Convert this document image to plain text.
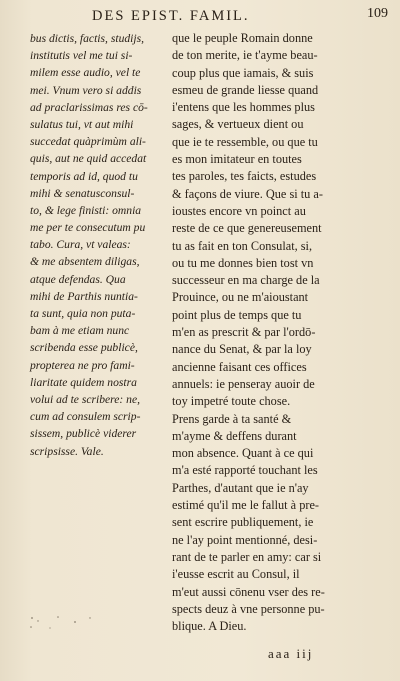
DES EPIST. FAMIL.	109
bus dictis, factis, studijs,
institutis vel me tui si-
milem esse audio, vel te
mei. Vnum vero si addis
ad praclarissimas res cō-
sulatus tui, vt aut mihi
succedat quàprimùm ali-
quis, aut ne quid accedat
temporis ad id, quod tu
mihi & senatusconsul-
to, & lege finisti: omnia
me per te consecutum pu
tabo. Cura, vt valeas:
& me absentem diligas,
atque defendas. Qua
mihi de Parthis nuntia-
ta sunt, quia non puta-
bam à me etiam nunc
scribenda esse publicè,
propterea ne pro fami-
liaritate quidem nostra
volui ad te scribere: ne,
cum ad consulem scrip-
sissem, publicè viderer
scripsisse. Vale.
que le peuple Romain donne
de ton merite, ie t'ayme beau-
coup plus que iamais, & suis
esmeu de grande liesse quand
i'entens que les hommes plus
sages, & vertueux dient ou
que ie te ressemble, ou que tu
es mon imitateur en toutes
tes paroles, tes faicts, estudes
& façons de viure. Que si tu a-
ioustes encore vn poinct au
reste de ce que genereusement
tu as fait en ton Consulat, si,
ou tu me donnes bien tost vn
successeur en ma charge de la
Prouince, ou ne m'aioustant
point plus de temps que tu
m'en as prescrit & par l'ordō-
nance du Senat, & par la loy
ancienne faisant ces offices
annuels: ie penseray auoir de
toy impetré toute chose.
Prens garde à ta santé &
m'ayme & deffens durant
mon absence. Quant à ce qui
m'a esté rapporté touchant les
Parthes, d'autant que ie n'ay
estimé qu'il me le fallut à pre-
sent escrire publiquement, ie
ne l'ay point mentionné, desi-
rant de te parler en amy: car si
i'eusse escrit au Consul, il
m'eut aussi cōnenu vser des re-
spects deuz à vne personne pu-
blique. A Dieu.
aaa iij
